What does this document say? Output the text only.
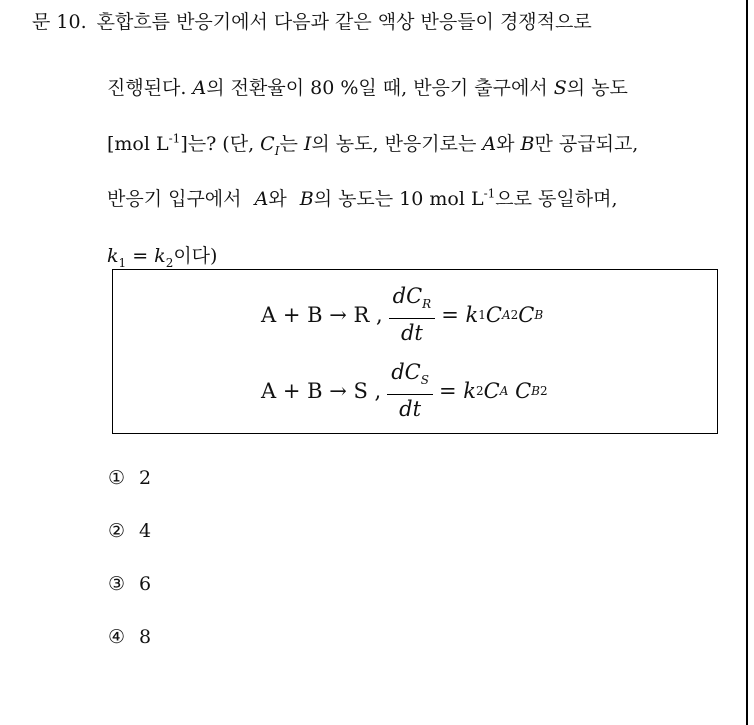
문 10. 혼합흐름 반응기에서 다음과 같은 액상 반응들이 경쟁적으로
진행된다. A의 전환율이 80 %일 때, 반응기 출구에서 S의 농도
[mol $L^{-1}$]는? (단, $C_I$는 I의 농도, 반응기로는 A와 B만 공급되고,
반응기 입구에서 A와 B의 농도는 10 mol $L^{-1}$으로 동일하며,
$k_1 = k_2$이다)
A + B → R , $\frac{dC_R}{dt}$ =
k 1 C A 2 C B
A + B → S , $\frac{dC_S}{dt}$ =
k 2 C A
C B 2
① 2
② 4
③ 6
④ 8
